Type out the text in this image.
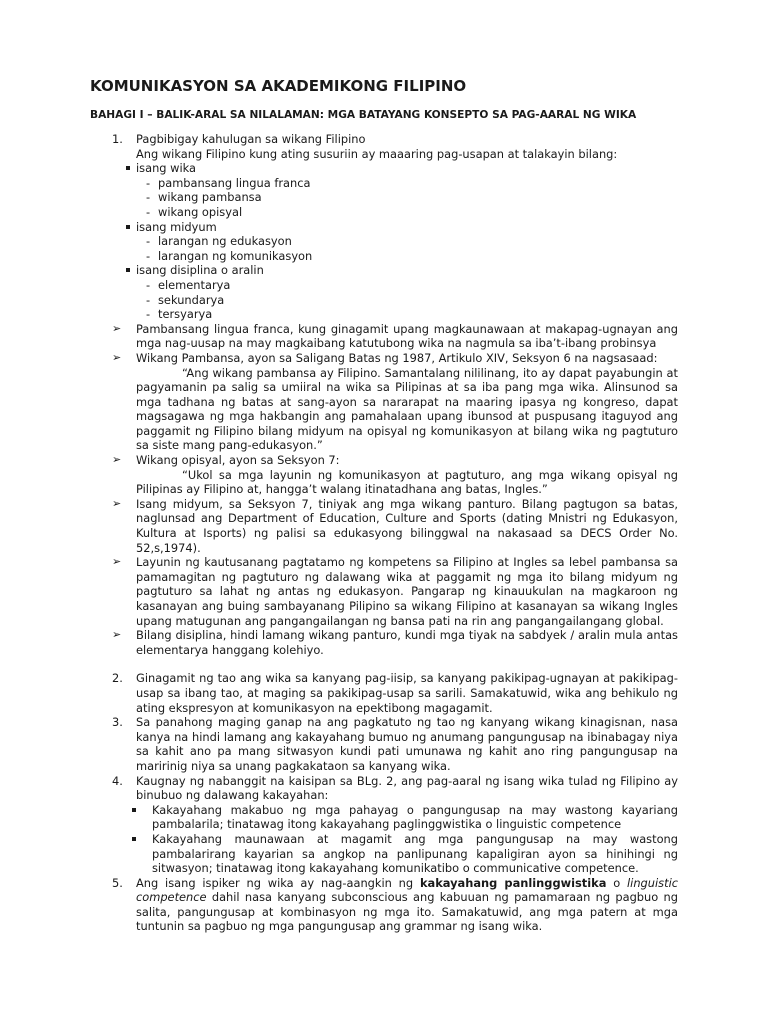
KOMUNIKASYON SA AKADEMIKONG FILIPINO
BAHAGI I – BALIK-ARAL SA NILALAMAN: MGA BATAYANG KONSEPTO SA PAG-AARAL NG WIKA
1. Pagbibigay kahulugan sa wikang Filipino
Ang wikang Filipino kung ating susuriin ay maaaring pag-usapan at talakayin bilang:
isang wika
- pambansang lingua franca
- wikang pambansa
- wikang opisyal
isang midyum
- larangan ng edukasyon
- larangan ng komunikasyon
isang disiplina o aralin
- elementarya
- sekundarya
- tersyarya
➢ Pambansang lingua franca, kung ginagamit upang magkaunawaan at makapag-ugnayan ang mga nag-uusap na may magkaibang katutubong wika na nagmula sa iba’t-ibang probinsya
➢ Wikang Pambansa, ayon sa Saligang Batas ng 1987, Artikulo XIV, Seksyon 6 na nagsasaad:
“Ang wikang pambansa ay Filipino. Samantalang nililinang, ito ay dapat payabungin at pagyamanin pa salig sa umiiral na wika sa Pilipinas at sa iba pang mga wika. Alinsunod sa mga tadhana ng batas at sang-ayon sa nararapat na maaring ipasya ng kongreso, dapat magsagawa ng mga hakbangin ang pamahalaan upang ibunsod at puspusang itaguyod ang paggamit ng Filipino bilang midyum na opisyal ng komunikasyon at bilang wika ng pagtuturo sa siste mang pang-edukasyon.”
➢ Wikang opisyal, ayon sa Seksyon 7:
“Ukol sa mga layunin ng komunikasyon at pagtuturo, ang mga wikang opisyal ng Pilipinas ay Filipino at, hangga’t walang itinatadhana ang batas, Ingles.”
➢ Isang midyum, sa Seksyon 7, tiniyak ang mga wikang panturo. Bilang pagtugon sa batas, naglunsad ang Department of Education, Culture and Sports (dating Mnistri ng Edukasyon, Kultura at Isports) ng palisi sa edukasyong bilinggwal na nakasaad sa DECS Order No. 52,s,1974).
➢ Layunin ng kautusanang pagtatamo ng kompetens sa Filipino at Ingles sa lebel pambansa sa pamamagitan ng pagtuturo ng dalawang wika at paggamit ng mga ito bilang midyum ng pagtuturo sa lahat ng antas ng edukasyon. Pangarap ng kinauukulan na magkaroon ng kasanayan ang buing sambayanang Pilipino sa wikang Filipino at kasanayan sa wikang Ingles upang matugunan ang pangangailangan ng bansa pati na rin ang pangangailangang global.
➢ Bilang disiplina, hindi lamang wikang panturo, kundi mga tiyak na sabdyek / aralin mula antas elementarya hanggang kolehiyo.
2. Ginagamit ng tao ang wika sa kanyang pag-iisip, sa kanyang pakikipag-ugnayan at pakikipag-usap sa ibang tao, at maging sa pakikipag-usap sa sarili. Samakatuwid, wika ang behikulo ng ating ekspresyon at komunikasyon na epektibong magagamit.
3. Sa panahong maging ganap na ang pagkatuto ng tao ng kanyang wikang kinagisnan, nasa kanya na hindi lamang ang kakayahang bumuo ng anumang pangungusap na ibinabagay niya sa kahit ano pa mang sitwasyon kundi pati umunawa ng kahit ano ring pangungusap na maririnig niya sa unang pagkakataon sa kanyang wika.
4. Kaugnay ng nabanggit na kaisipan sa BLg. 2, ang pag-aaral ng isang wika tulad ng Filipino ay binubuo ng dalawang kakayahan:
Kakayahang makabuo ng mga pahayag o pangungusap na may wastong kayariang pambalarila; tinatawag itong kakayahang paglinggwistika o linguistic competence
Kakayahang maunawaan at magamit ang mga pangungusap na may wastong pambalarirang kayarian sa angkop na panlipunang kapaligiran ayon sa hinihingi ng sitwasyon; tinatawag itong kakayahang komunikatibo o communicative competence.
5. Ang isang ispiker ng wika ay nag-aangkin ng kakayahang panlinggwistika o linguistic competence dahil nasa kanyang subconscious ang kabuuan ng pamamaraan ng pagbuo ng salita, pangungusap at kombinasyon ng mga ito. Samakatuwid, ang mga patern at mga tuntunin sa pagbuo ng mga pangungusap ang grammar ng isang wika.
